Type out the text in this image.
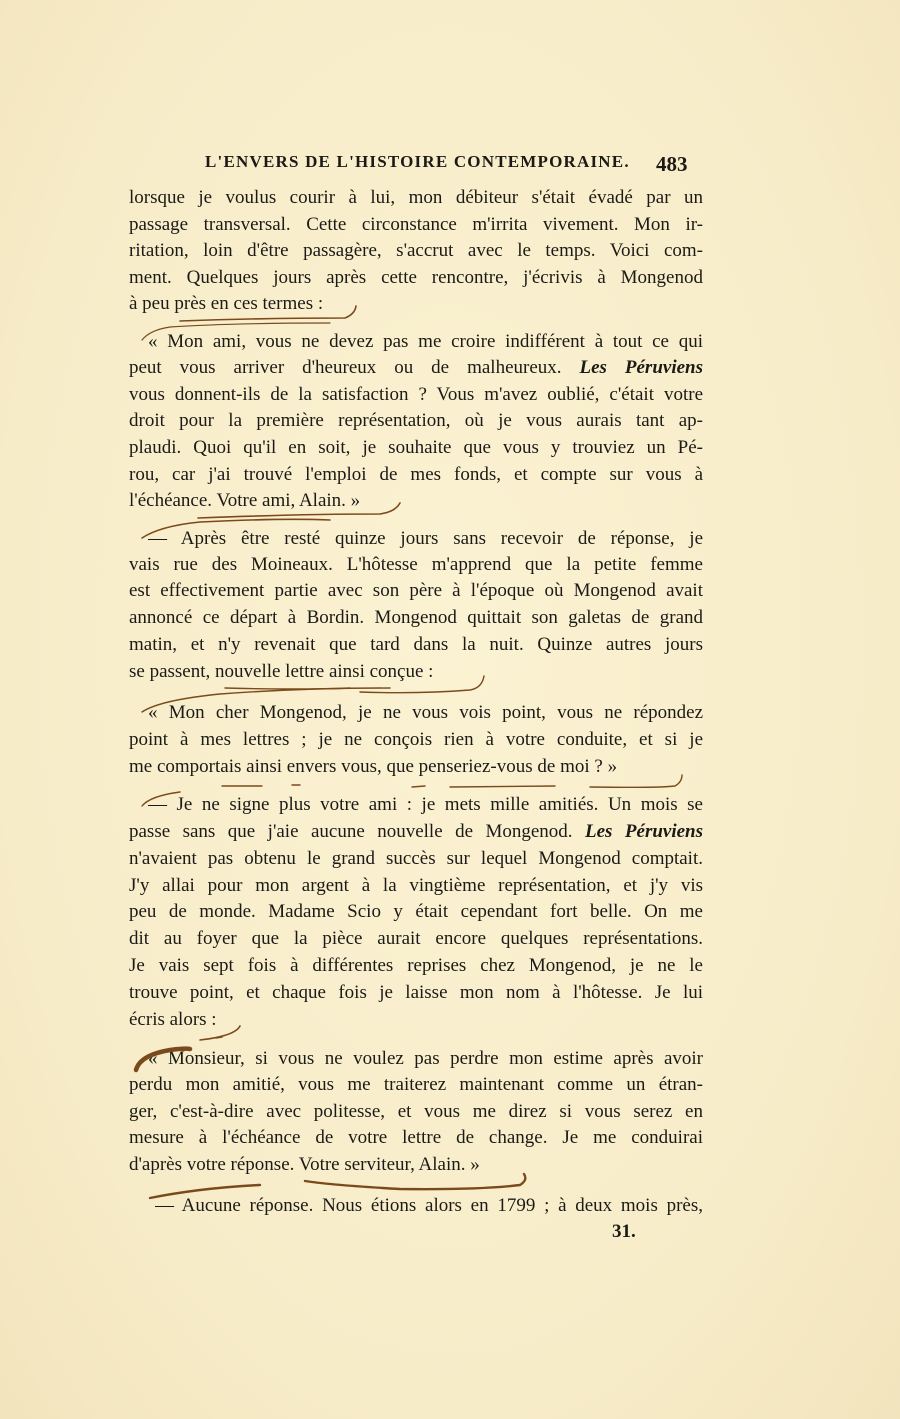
L'ENVERS DE L'HISTOIRE CONTEMPORAINE. 483
lorsque je voulus courir à lui, mon débiteur s'était évadé par un
passage transversal. Cette circonstance m'irrita vivement. Mon ir-
ritation, loin d'être passagère, s'accrut avec le temps. Voici com-
ment. Quelques jours après cette rencontre, j'écrivis à Mongenod
à peu près en ces termes :
« Mon ami, vous ne devez pas me croire indifférent à tout ce qui
peut vous arriver d'heureux ou de malheureux. Les Péruviens
vous donnent-ils de la satisfaction ? Vous m'avez oublié, c'était votre
droit pour la première représentation, où je vous aurais tant ap-
plaudi. Quoi qu'il en soit, je souhaite que vous y trouviez un Pé-
rou, car j'ai trouvé l'emploi de mes fonds, et compte sur vous à
l'échéance. Votre ami, Alain. »
— Après être resté quinze jours sans recevoir de réponse, je
vais rue des Moineaux. L'hôtesse m'apprend que la petite femme
est effectivement partie avec son père à l'époque où Mongenod avait
annoncé ce départ à Bordin. Mongenod quittait son galetas de grand
matin, et n'y revenait que tard dans la nuit. Quinze autres jours
se passent, nouvelle lettre ainsi conçue :
« Mon cher Mongenod, je ne vous vois point, vous ne répondez
point à mes lettres ; je ne conçois rien à votre conduite, et si je
me comportais ainsi envers vous, que penseriez-vous de moi ? »
— Je ne signe plus votre ami : je mets mille amitiés. Un mois se
passe sans que j'aie aucune nouvelle de Mongenod. Les Péruviens
n'avaient pas obtenu le grand succès sur lequel Mongenod comptait.
J'y allai pour mon argent à la vingtième représentation, et j'y vis
peu de monde. Madame Scio y était cependant fort belle. On me
dit au foyer que la pièce aurait encore quelques représentations.
Je vais sept fois à différentes reprises chez Mongenod, je ne le
trouve point, et chaque fois je laisse mon nom à l'hôtesse. Je lui
écris alors :
« Monsieur, si vous ne voulez pas perdre mon estime après avoir
perdu mon amitié, vous me traiterez maintenant comme un étran-
ger, c'est-à-dire avec politesse, et vous me direz si vous serez en
mesure à l'échéance de votre lettre de change. Je me conduirai
d'après votre réponse. Votre serviteur, Alain. »
— Aucune réponse. Nous étions alors en 1799 ; à deux mois près,
31.
